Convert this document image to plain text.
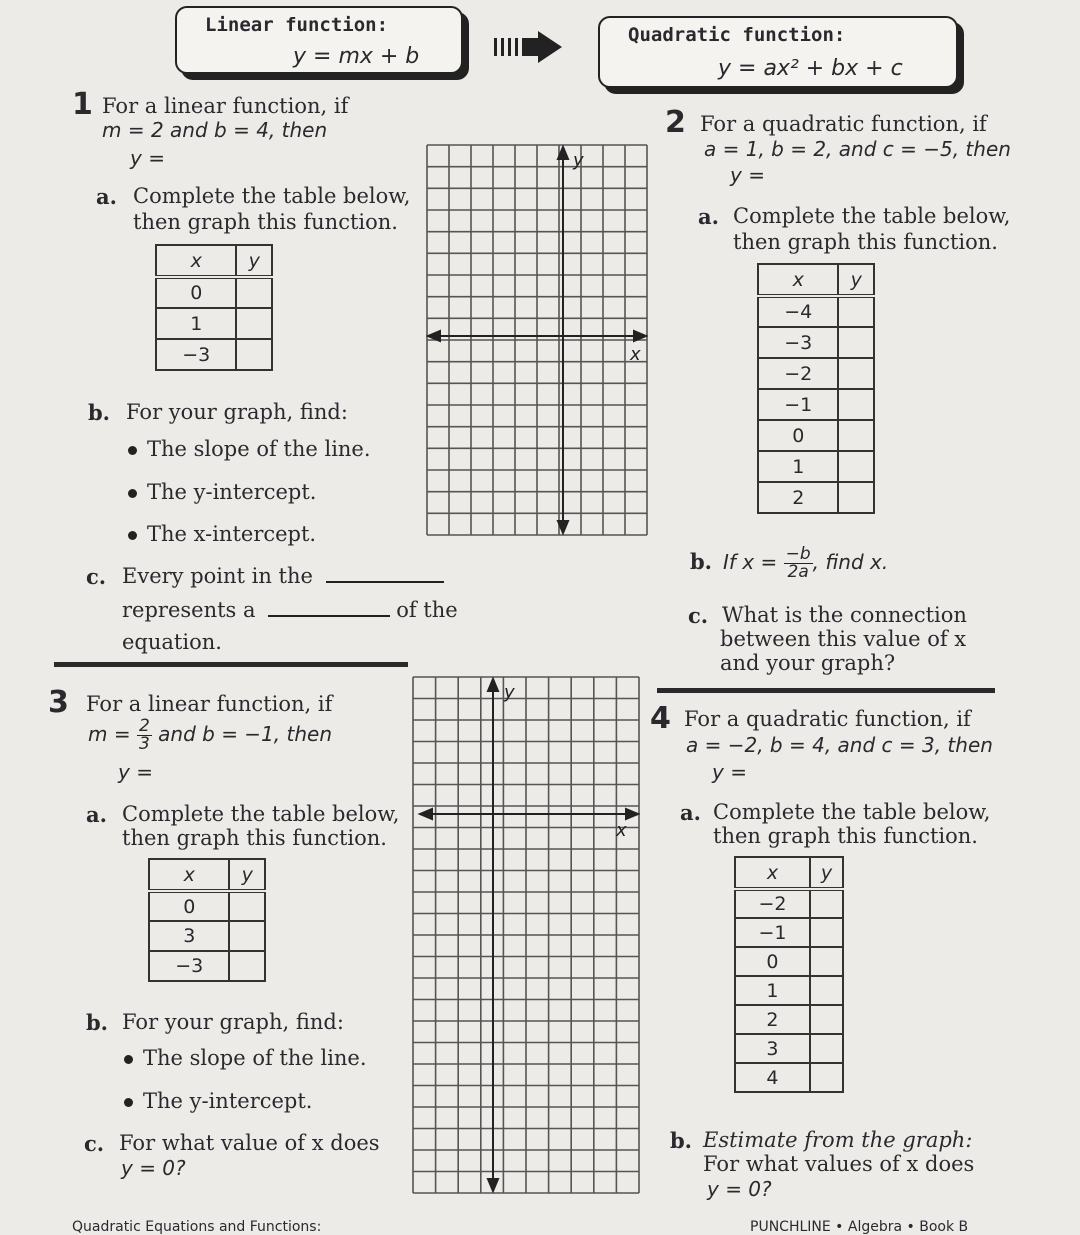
Linear function:
y = mx + b
Quadratic function:
y = ax² + bx + c
1 For a linear function, if
m = 2 and b = 4, then
y =
a. Complete the table below,
then graph this function.
x	y
0	
1	
−3	
b. For your graph, find:
The slope of the line.
The y-intercept.
The x-intercept.
c. Every point in the
represents a	of the
equation.
y
x
2 For a quadratic function, if
a = 1, b = 2, and c = −5, then
y =
a. Complete the table below,
then graph this function.
x	y
−4	
−3	
−2	
−1	
0	
1	
2	
b. If $x = \frac{-b}{2a}$ , find x.
c. What is the connection
between this value of x
and your graph?
3 For a linear function, if
$m = \frac{2}{3}$ and b = −1, then
y =
a. Complete the table below,
then graph this function.
x	y
0	
3	
−3	
b. For your graph, find:
The slope of the line.
The y-intercept.
c. For what value of x does
y = 0?
y
x
4 For a quadratic function, if
a = −2, b = 4, and c = 3, then
y =
a. Complete the table below,
then graph this function.
x	y
−2	
−1	
0	
1	
2	
3	
4	
b. Estimate from the graph:
For what values of x does
y = 0?
Quadratic Equations and Functions:	PUNCHLINE • Algebra • Book B
